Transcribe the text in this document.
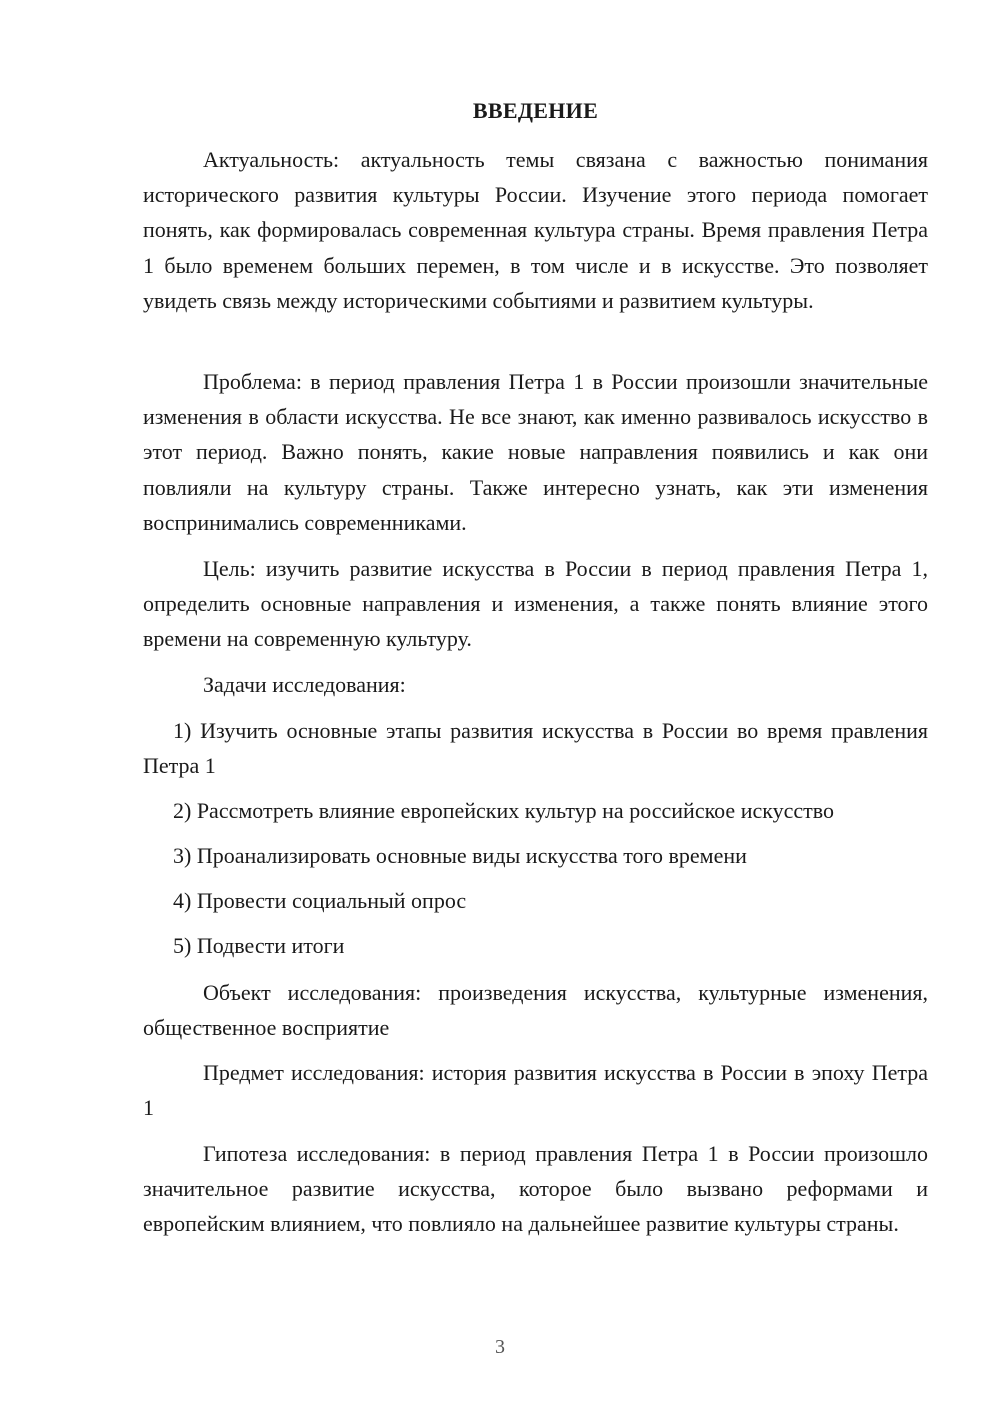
ВВЕДЕНИЕ

Актуальность: актуальность темы связана с важностью понимания исторического развития культуры России. Изучение этого периода помогает понять, как формировалась современная культура страны. Время правления Петра 1 было временем больших перемен, в том числе и в искусстве. Это позволяет увидеть связь между историческими событиями и развитием культуры.

Проблема: в период правления Петра 1 в России произошли значительные изменения в области искусства. Не все знают, как именно развивалось искусство в этот период. Важно понять, какие новые направления появились и как они повлияли на культуру страны. Также интересно узнать, как эти изменения воспринимались современниками.

Цель: изучить развитие искусства в России в период правления Петра 1, определить основные направления и изменения, а также понять влияние этого времени на современную культуру.

Задачи исследования:

1) Изучить основные этапы развития искусства в России во время правления Петра 1

2) Рассмотреть влияние европейских культур на российское искусство

3) Проанализировать основные виды искусства того времени

4) Провести социальный опрос

5) Подвести итоги

Объект исследования: произведения искусства, культурные изменения, общественное восприятие

Предмет исследования: история развития искусства в России в эпоху Петра 1

Гипотеза исследования: в период правления Петра 1 в России произошло значительное развитие искусства, которое было вызвано реформами и европейским влиянием, что повлияло на дальнейшее развитие культуры страны.

3
